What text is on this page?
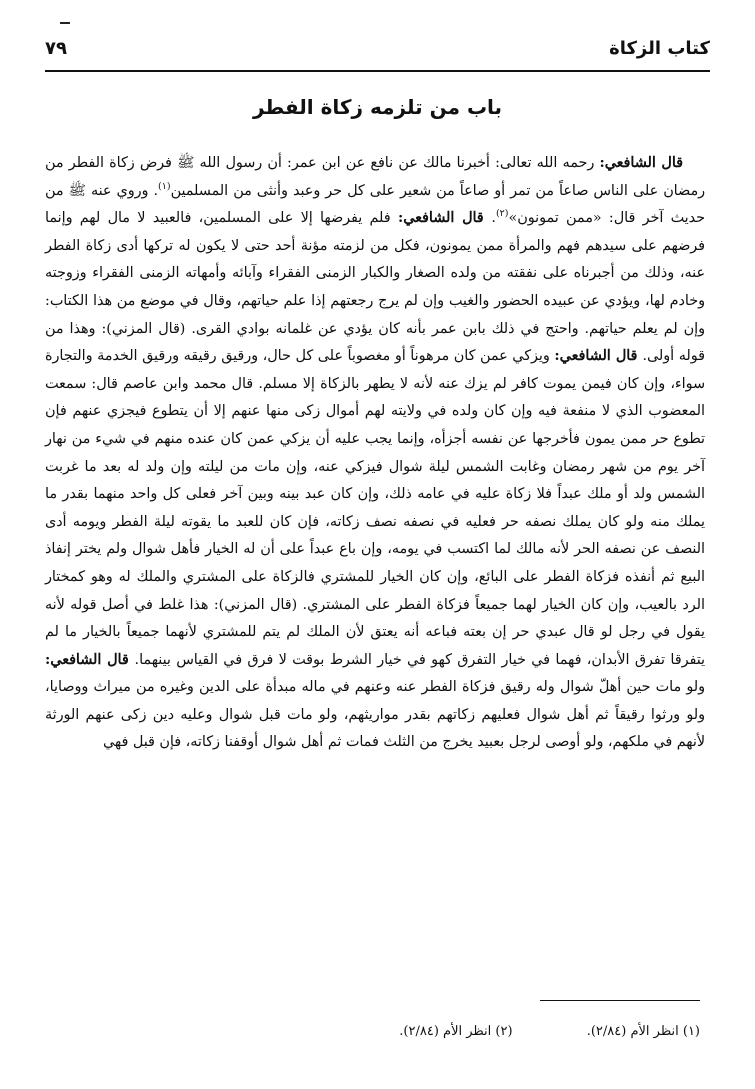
كتاب الزكاة
٧٩
باب من تلزمه زكاة الفطر

قال الشافعي: رحمه الله تعالى: أخبرنا مالك عن نافع عن ابن عمر: أن رسول الله ﷺ فرض زكاة الفطر من رمضان على الناس صاعاً من تمر أو صاعاً من شعير على كل حر وعبد وأنثى من المسلمين$^{(١)}$. وروي عنه ﷺ من حديث آخر قال: «ممن تمونون»$^{(٢)}$. قال الشافعي: فلم يفرضها إلا على المسلمين، فالعبيد لا مال لهم وإنما فرضهم على سيدهم فهم والمرأة ممن يمونون، فكل من لزمته مؤنة أحد حتى لا يكون له تركها أدى زكاة الفطر عنه، وذلك من أجبرناه على نفقته من ولده الصغار والكبار الزمنى الفقراء وآبائه وأمهاته الزمنى الفقراء وزوجته وخادم لها، ويؤدي عن عبيده الحضور والغيب وإن لم يرج رجعتهم إذا علم حياتهم، وقال في موضع من هذا الكتاب: وإن لم يعلم حياتهم. واحتج في ذلك بابن عمر بأنه كان يؤدي عن غلمانه بوادي القرى. (قال المزني): وهذا من قوله أولى. قال الشافعي: ويزكي عمن كان مرهوناً أو مغصوباً على كل حال، ورقيق رقيقه ورقيق الخدمة والتجارة سواء، وإن كان فيمن يموت كافر لم يزك عنه لأنه لا يطهر بالزكاة إلا مسلم. قال محمد وابن عاصم قال: سمعت المعضوب الذي لا منفعة فيه وإن كان ولده في ولايته لهم أموال زكى منها عنهم إلا أن يتطوع فيجزي عنهم فإن تطوع حر ممن يمون فأخرجها عن نفسه أجزأه، وإنما يجب عليه أن يزكي عمن كان عنده منهم في شيء من نهار آخر يوم من شهر رمضان وغابت الشمس ليلة شوال فيزكي عنه، وإن مات من ليلته وإن ولد له بعد ما غربت الشمس ولد أو ملك عبداً فلا زكاة عليه في عامه ذلك، وإن كان عبد بينه وبين آخر فعلى كل واحد منهما بقدر ما يملك منه ولو كان يملك نصفه حر فعليه في نصفه نصف زكاته، فإن كان للعبد ما يقوته ليلة الفطر ويومه أدى النصف عن نصفه الحر لأنه مالك لما اكتسب في يومه، وإن باع عبداً على أن له الخيار فأهل شوال ولم يختر إنفاذ البيع ثم أنفذه فزكاة الفطر على البائع، وإن كان الخيار للمشتري فالزكاة على المشتري والملك له وهو كمختار الرد بالعيب، وإن كان الخيار لهما جميعاً فزكاة الفطر على المشتري. (قال المزني): هذا غلط في أصل قوله لأنه يقول في رجل لو قال عبدي حر إن بعته فباعه أنه يعتق لأن الملك لم يتم للمشتري لأنهما جميعاً بالخيار ما لم يتفرقا تفرق الأبدان، فهما في خيار التفرق كهو في خيار الشرط بوقت لا فرق في القياس بينهما. قال الشافعي: ولو مات حين أهلّ شوال وله رقيق فزكاة الفطر عنه وعنهم في ماله مبدأة على الدين وغيره من ميراث ووصايا، ولو ورثوا رقيقاً ثم أهل شوال فعليهم زكاتهم بقدر مواريثهم، ولو مات قبل شوال وعليه دين زكى عنهم الورثة لأنهم في ملكهم، ولو أوصى لرجل بعبيد يخرج من الثلث فمات ثم أهل شوال أوقفنا زكاته، فإن قبل فهي

(١) انظر الأم (٢/٨٤). (٢) انظر الأم (٢/٨٤).
